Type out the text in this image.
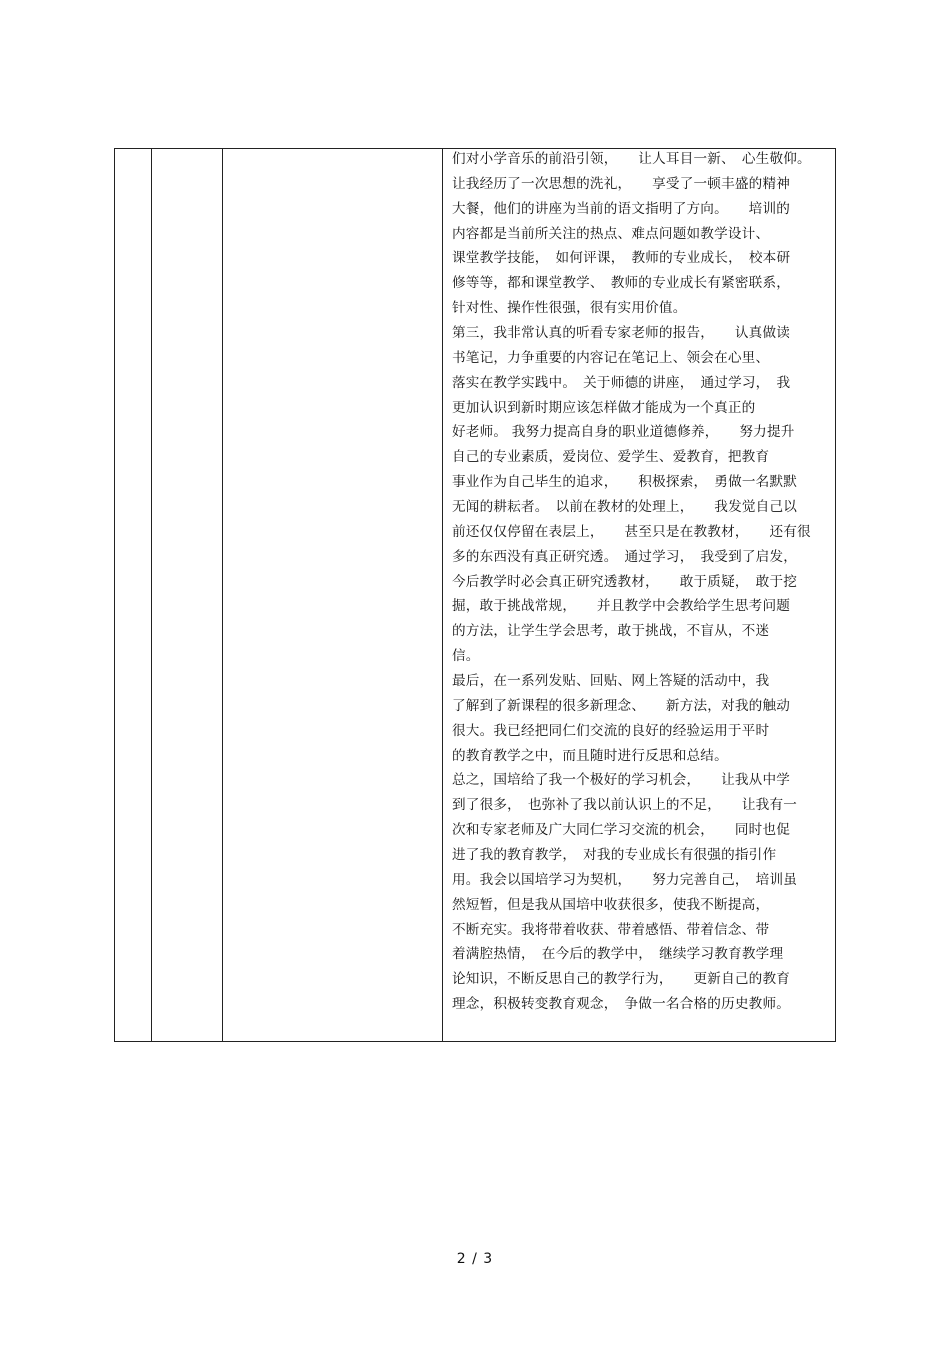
们对小学音乐的前沿引领，　　让人耳目一新、　心生敬仰。
让我经历了一次思想的洗礼，　　享受了一顿丰盛的精神
大餐，他们的讲座为当前的语文指明了方向。　　培训的
内容都是当前所关注的热点、难点问题如教学设计、
课堂教学技能，　如何评课，　教师的专业成长，　校本研
修等等，都和课堂教学、　教师的专业成长有紧密联系，
针对性、操作性很强，很有实用价值。
第三，我非常认真的听看专家老师的报告，　　认真做读
书笔记，力争重要的内容记在笔记上、领会在心里、
落实在教学实践中。　关于师德的讲座，　通过学习，　我
更加认识到新时期应该怎样做才能成为一个真正的
好老师。 我努力提高自身的职业道德修养，　　努力提升
自己的专业素质，爱岗位、爱学生、爱教育，把教育
事业作为自己毕生的追求，　　积极探索，　勇做一名默默
无闻的耕耘者。　以前在教材的处理上，　　我发觉自己以
前还仅仅停留在表层上，　　甚至只是在教教材，　　还有很
多的东西没有真正研究透。　通过学习，　我受到了启发，
今后教学时必会真正研究透教材，　　敢于质疑，　敢于挖
掘，敢于挑战常规，　　并且教学中会教给学生思考问题
的方法，让学生学会思考，敢于挑战，不盲从，不迷
信。
最后，在一系列发贴、回贴、网上答疑的活动中，我
了解到了新课程的很多新理念、　　新方法，对我的触动
很大。我已经把同仁们交流的良好的经验运用于平时
的教育教学之中，而且随时进行反思和总结。
总之，国培给了我一个极好的学习机会，　　让我从中学
到了很多，　也弥补了我以前认识上的不足，　　让我有一
次和专家老师及广大同仁学习交流的机会，　　同时也促
进了我的教育教学，　对我的专业成长有很强的指引作
用。我会以国培学习为契机，　　努力完善自己，　培训虽
然短暂，但是我从国培中收获很多，使我不断提高，
不断充实。我将带着收获、带着感悟、带着信念、带
着满腔热情，　在今后的教学中，　继续学习教育教学理
论知识，不断反思自己的教学行为，　　更新自己的教育
理念，积极转变教育观念，　争做一名合格的历史教师。
2 / 3
